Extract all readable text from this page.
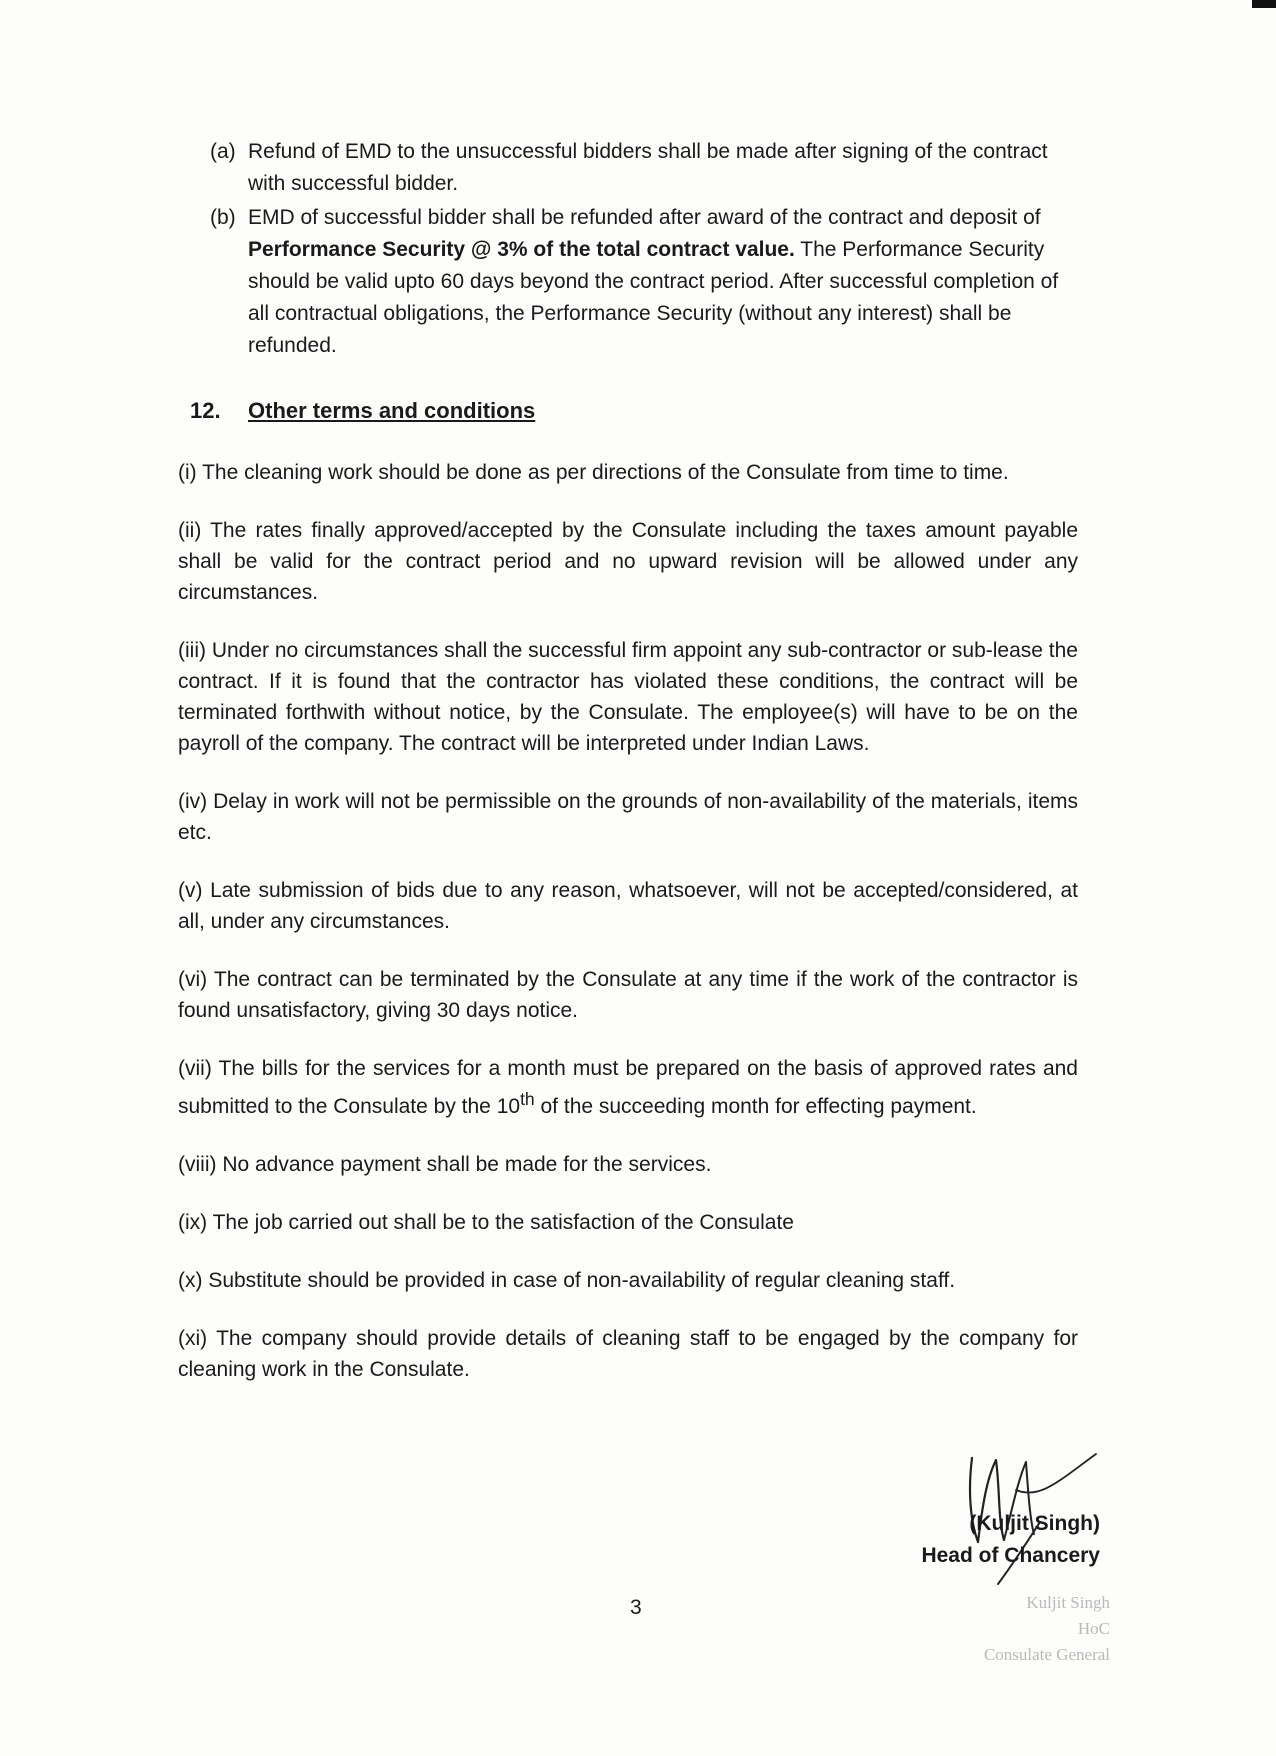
(a) Refund of EMD to the unsuccessful bidders shall be made after signing of the contract with successful bidder.
(b) EMD of successful bidder shall be refunded after award of the contract and deposit of Performance Security @ 3% of the total contract value. The Performance Security should be valid upto 60 days beyond the contract period. After successful completion of all contractual obligations, the Performance Security (without any interest) shall be refunded.
12. Other terms and conditions

(i) The cleaning work should be done as per directions of the Consulate from time to time.

(ii) The rates finally approved/accepted by the Consulate including the taxes amount payable shall be valid for the contract period and no upward revision will be allowed under any circumstances.

(iii) Under no circumstances shall the successful firm appoint any sub-contractor or sub-lease the contract. If it is found that the contractor has violated these conditions, the contract will be terminated forthwith without notice, by the Consulate. The employee(s) will have to be on the payroll of the company. The contract will be interpreted under Indian Laws.

(iv) Delay in work will not be permissible on the grounds of non-availability of the materials, items etc.

(v) Late submission of bids due to any reason, whatsoever, will not be accepted/considered, at all, under any circumstances.

(vi) The contract can be terminated by the Consulate at any time if the work of the contractor is found unsatisfactory, giving 30 days notice.

(vii) The bills for the services for a month must be prepared on the basis of approved rates and submitted to the Consulate by the 10th of the succeeding month for effecting payment.

(viii) No advance payment shall be made for the services.

(ix) The job carried out shall be to the satisfaction of the Consulate

(x) Substitute should be provided in case of non-availability of regular cleaning staff.

(xi) The company should provide details of cleaning staff to be engaged by the company for cleaning work in the Consulate.

(Kuljit Singh)
Head of Chancery
3	Kuljit Singh
HoC
Consulate General
